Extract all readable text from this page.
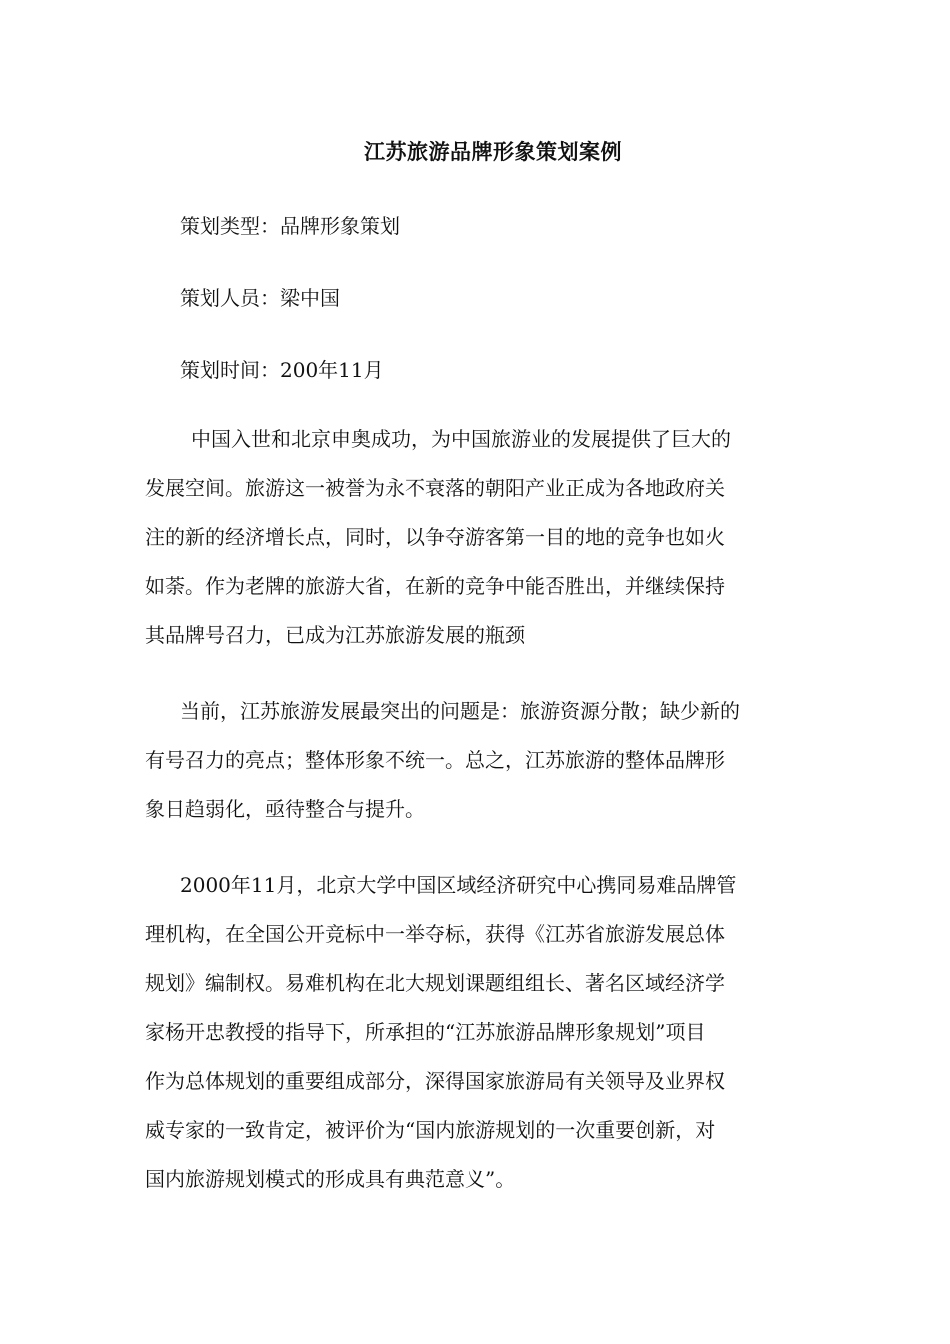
江苏旅游品牌形象策划案例
策划类型：品牌形象策划
策划人员：梁中国
策划时间：200年11月
中国入世和北京申奥成功，为中国旅游业的发展提供了巨大的
发展空间。旅游这一被誉为永不衰落的朝阳产业正成为各地政府关
注的新的经济增长点，同时，以争夺游客第一目的地的竞争也如火
如荼。作为老牌的旅游大省，在新的竞争中能否胜出，并继续保持
其品牌号召力，已成为江苏旅游发展的瓶颈
当前，江苏旅游发展最突出的问题是：旅游资源分散；缺少新的
有号召力的亮点；整体形象不统一。总之，江苏旅游的整体品牌形
象日趋弱化，亟待整合与提升。
2000年11月，北京大学中国区域经济研究中心携同易难品牌管
理机构，在全国公开竞标中一举夺标，获得《江苏省旅游发展总体
规划》编制权。易难机构在北大规划课题组组长、著名区域经济学
家杨开忠教授的指导下，所承担的“江苏旅游品牌形象规划”项目
作为总体规划的重要组成部分，深得国家旅游局有关领导及业界权
威专家的一致肯定，被评价为“国内旅游规划的一次重要创新，对
国内旅游规划模式的形成具有典范意义”。
